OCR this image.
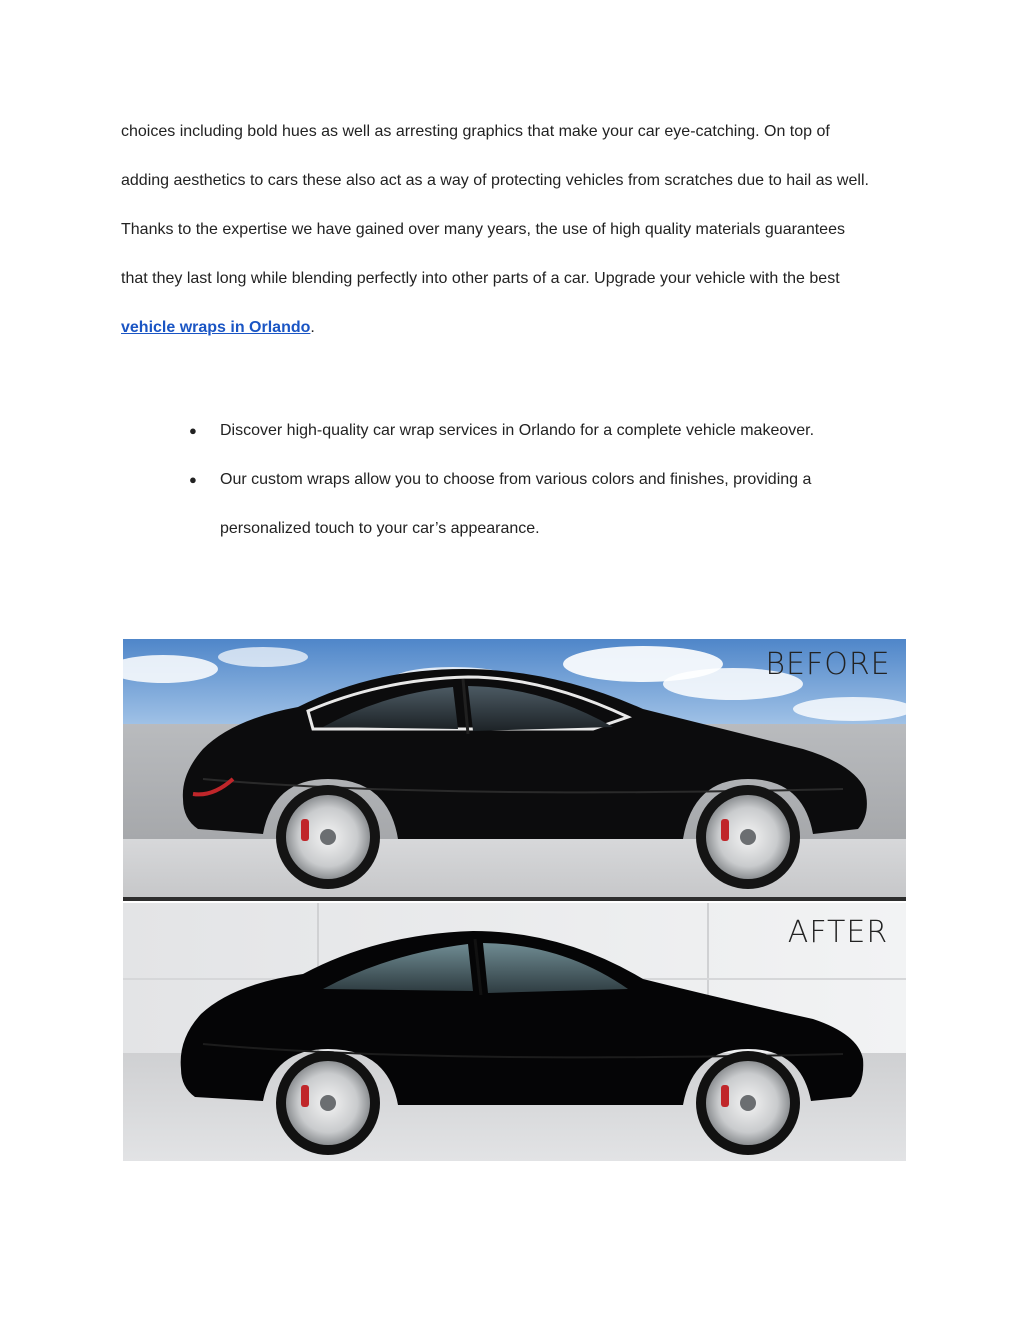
choices including bold hues as well as arresting graphics that make your car eye-catching. On top of
adding aesthetics to cars these also act as a way of protecting vehicles from scratches due to hail as well.
Thanks to the expertise we have gained over many years, the use of high quality materials guarantees
that they last long while blending perfectly into other parts of a car. Upgrade your vehicle with the best
vehicle wraps in Orlando.
● Discover high-quality car wrap services in Orlando for a complete vehicle makeover.
● Our custom wraps allow you to choose from various colors and finishes, providing a
personalized touch to your car’s appearance.
BEFORE
AFTER
